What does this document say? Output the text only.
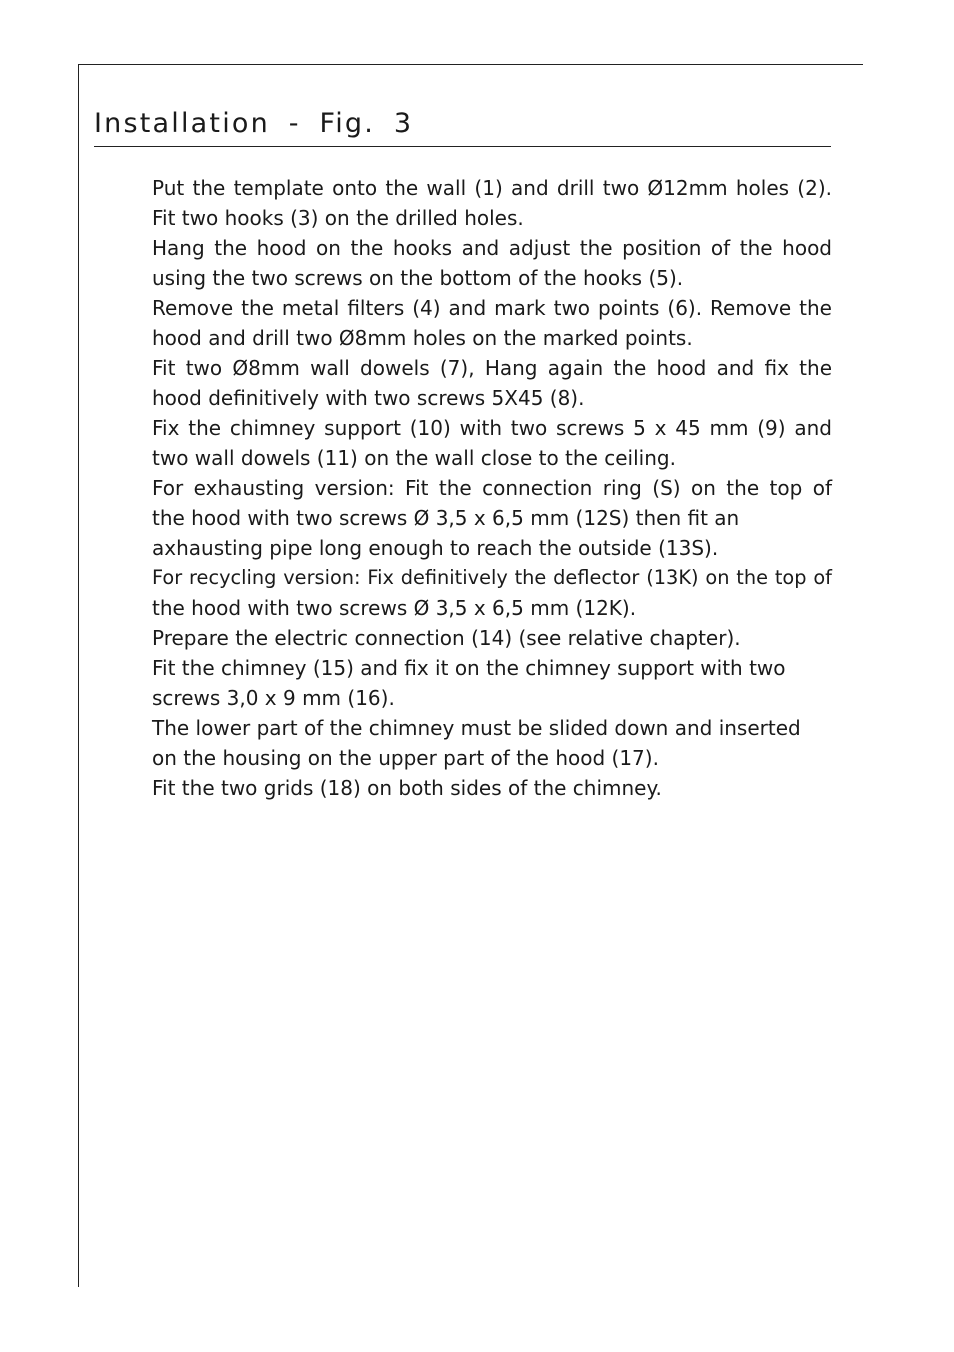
Installation - Fig. 3
Put the template onto the wall (1) and drill two Ø12mm holes (2).
Fit two hooks (3) on the drilled holes.
Hang the hood on the hooks and adjust the position of the hood
using the two screws on the bottom of the hooks (5).
Remove the metal filters (4) and mark two points (6). Remove the
hood and drill two Ø8mm holes on the marked points.
Fit two Ø8mm wall dowels (7), Hang again the hood and fix the
hood definitively with two screws 5X45 (8).
Fix the chimney support (10) with two screws 5 x 45 mm (9) and
two wall dowels (11) on the wall close to the ceiling.
For exhausting version: Fit the connection ring (S) on the top of
the hood with two screws Ø 3,5 x 6,5 mm (12S) then fit an
axhausting pipe long enough to reach the outside (13S).
For recycling version: Fix definitively the deflector (13K) on the top of
the hood with two screws Ø 3,5 x 6,5 mm (12K).
Prepare the electric connection (14) (see relative chapter).
Fit the chimney (15) and fix it on the chimney support with two
screws 3,0 x 9 mm (16).
The lower part of the chimney must be slided down and inserted
on the housing on the upper part of the hood (17).
Fit the two grids (18) on both sides of the chimney.
